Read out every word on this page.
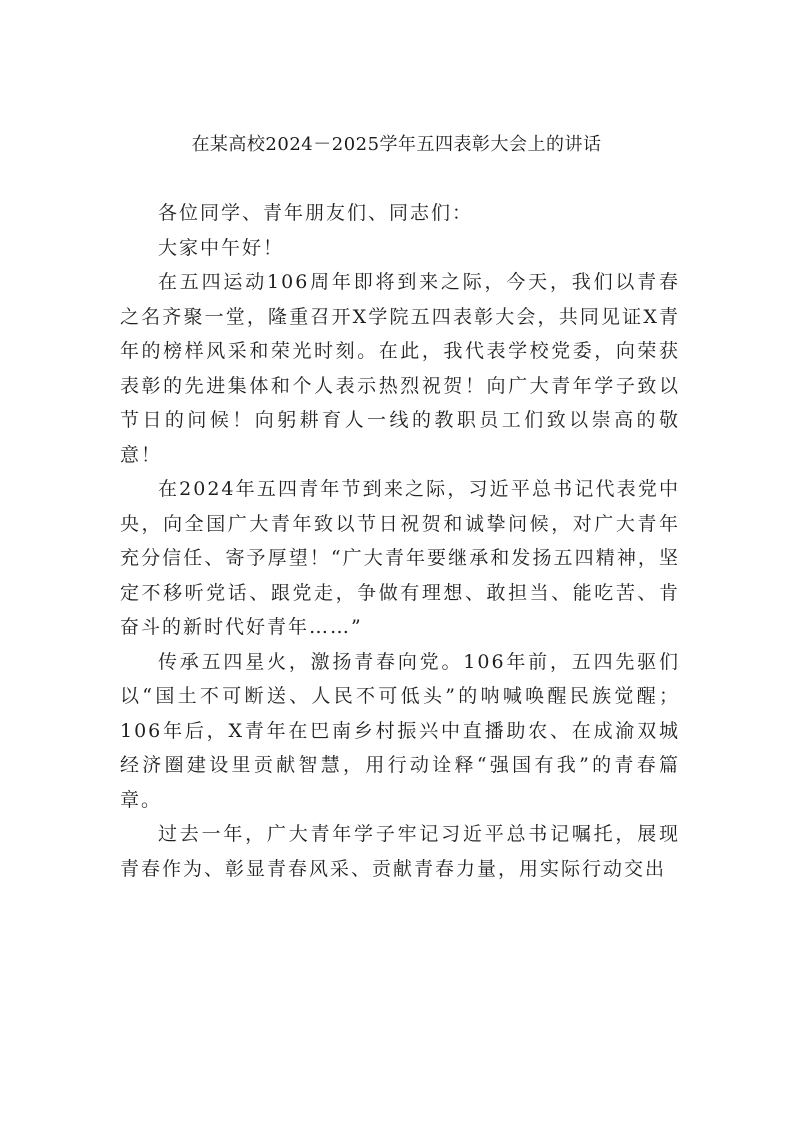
在某高校2024－2025学年五四表彰大会上的讲话

各位同学、青年朋友们、同志们：

大家中午好！

在五四运动106周年即将到来之际，今天，我们以青春之名齐聚一堂，隆重召开X学院五四表彰大会，共同见证X青年的榜样风采和荣光时刻。在此，我代表学校党委，向荣获表彰的先进集体和个人表示热烈祝贺！向广大青年学子致以节日的问候！向躬耕育人一线的教职员工们致以崇高的敬意！

在2024年五四青年节到来之际，习近平总书记代表党中央，向全国广大青年致以节日祝贺和诚挚问候，对广大青年充分信任、寄予厚望！“广大青年要继承和发扬五四精神，坚定不移听党话、跟党走，争做有理想、敢担当、能吃苦、肯奋斗的新时代好青年……”

传承五四星火，激扬青春向党。106年前，五四先驱们以“国土不可断送、人民不可低头”的呐喊唤醒民族觉醒；106年后，X青年在巴南乡村振兴中直播助农、在成渝双城经济圈建设里贡献智慧，用行动诠释“强国有我”的青春篇章。

过去一年，广大青年学子牢记习近平总书记嘱托，展现青春作为、彰显青春风采、贡献青春力量，用实际行动交出
